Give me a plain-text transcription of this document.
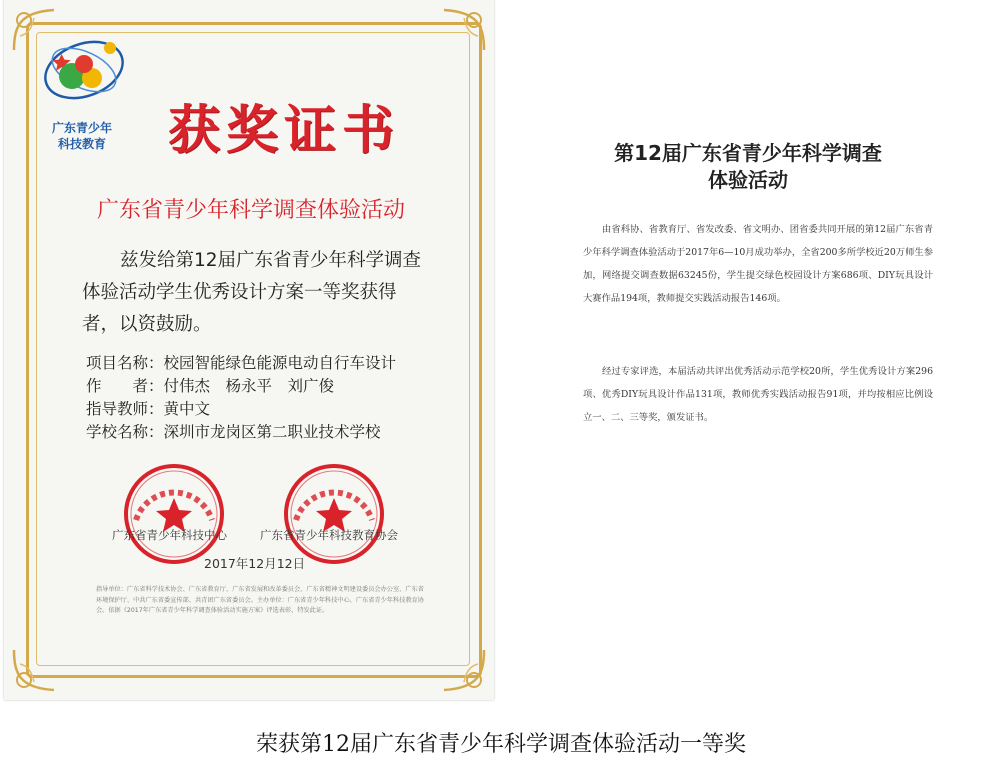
广东青少年
科技教育	获奖证书
广东省青少年科学调查体验活动
兹发给第12届广东省青少年科学调查
体验活动学生优秀设计方案一等奖获得
者，以资鼓励。
项目名称：校园智能绿色能源电动自行车设计
作　　者：付伟杰　杨永平　刘广俊
指导教师：黄中文
学校名称：深圳市龙岗区第二职业技术学校
广东省青少年科技中心	广东省青少年科技教育协会
2017年12月12日
指导单位：广东省科学技术协会、广东省教育厅、广东省发展和改革委员会、广东省精神文明建设委员会办公室、广东省环境保护厅、中共广东省委宣传部、共青团广东省委员会。主办单位：广东省青少年科技中心、广东省青少年科技教育协会。依据《2017年广东省青少年科学调查体验活动实施方案》评选表彰，特发此证。
第12届广东省青少年科学调查
体验活动
由省科协、省教育厅、省发改委、省文明办、团省委共同开展的第12届广东省青少年科学调查体验活动于2017年6—10月成功举办，全省200多所学校近20万师生参加，网络提交调查数据63245份，学生提交绿色校园设计方案686项、DIY玩具设计大赛作品194项，教师提交实践活动报告146项。
经过专家评选，本届活动共评出优秀活动示范学校20所，学生优秀设计方案296项、优秀DIY玩具设计作品131项，教师优秀实践活动报告91项，并均按相应比例设立一、二、三等奖，颁发证书。
荣获第12届广东省青少年科学调查体验活动一等奖
